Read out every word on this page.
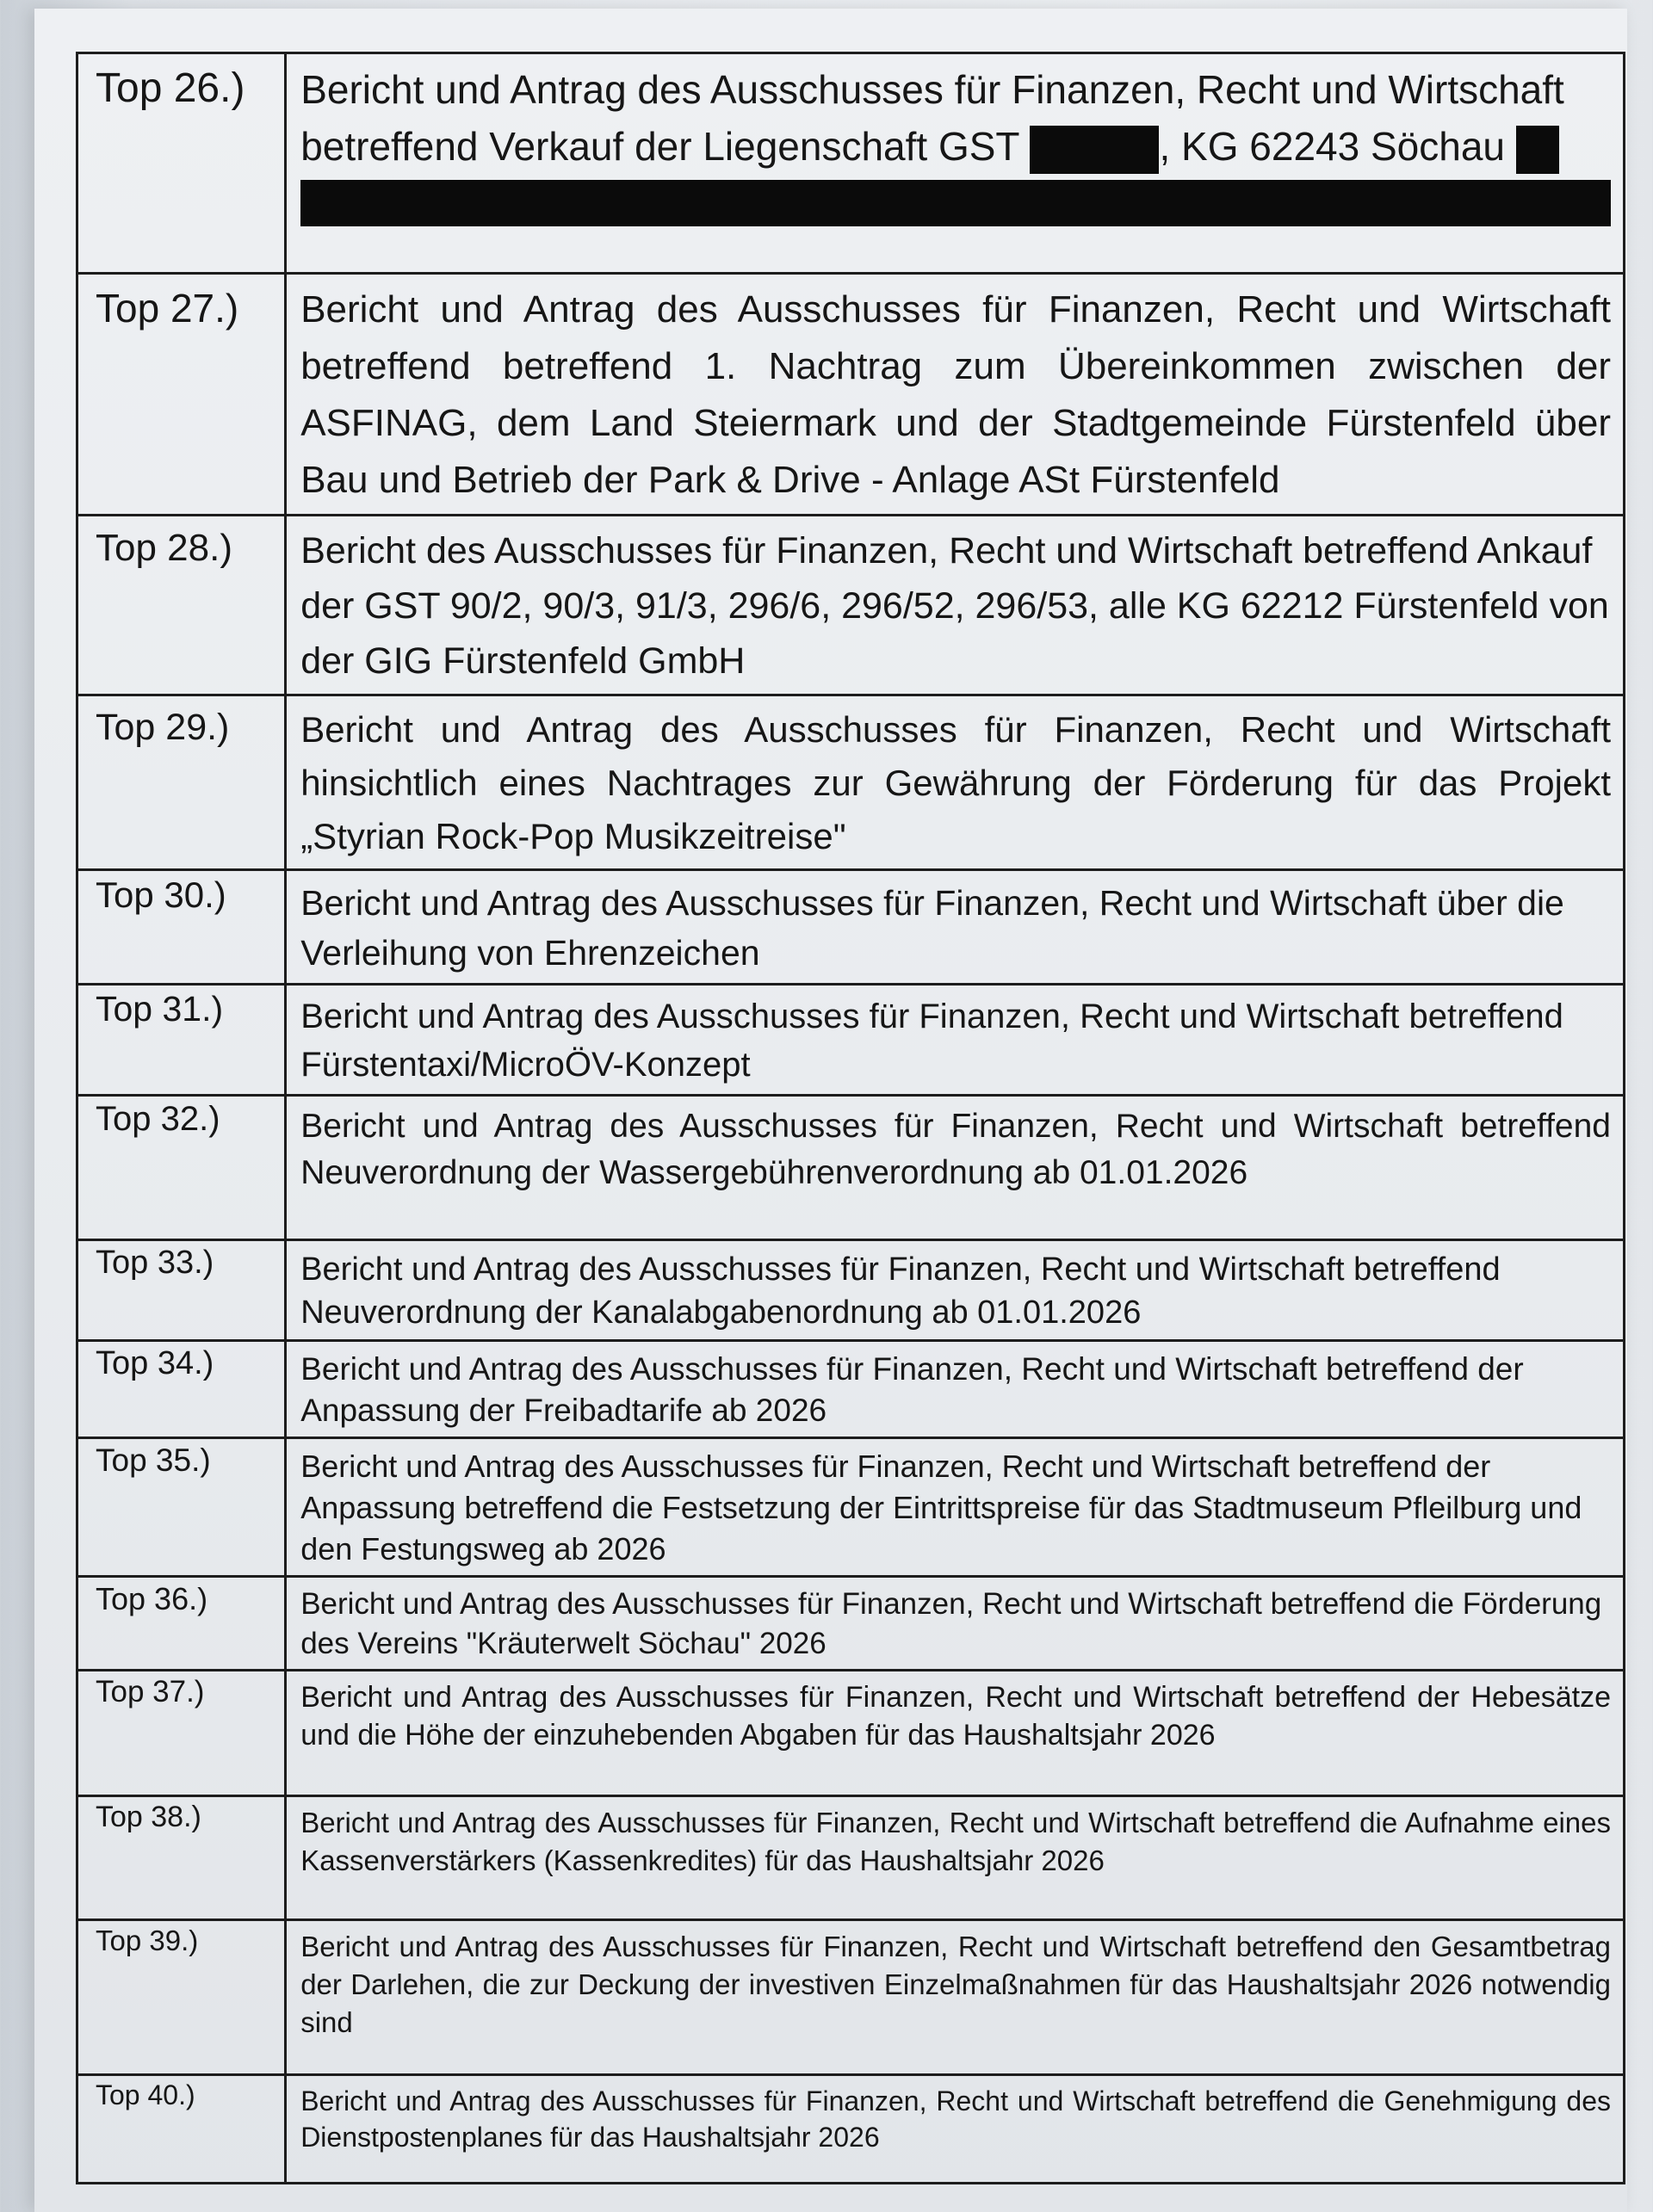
Top 26.)	Bericht und Antrag des Ausschusses für Finanzen, Recht und Wirtschaft
betreffend Verkauf der Liegenschaft GST , KG 62243 Söchau

Top 27.)	Bericht und Antrag des Ausschusses für Finanzen, Recht und Wirtschaft betreffend betreffend 1. Nachtrag zum Übereinkommen zwischen der ASFINAG, dem Land Steiermark und der Stadtgemeinde Fürstenfeld über Bau und Betrieb der Park & Drive - Anlage ASt Fürstenfeld
Top 28.)	Bericht des Ausschusses für Finanzen, Recht und Wirtschaft betreffend Ankauf der GST 90/2, 90/3, 91/3, 296/6, 296/52, 296/53, alle KG 62212 Fürstenfeld von der GIG Fürstenfeld GmbH
Top 29.)	Bericht und Antrag des Ausschusses für Finanzen, Recht und Wirtschaft hinsichtlich eines Nachtrages zur Gewährung der Förderung für das Projekt „Styrian Rock-Pop Musikzeitreise"
Top 30.)	Bericht und Antrag des Ausschusses für Finanzen, Recht und Wirtschaft über die Verleihung von Ehrenzeichen
Top 31.)	Bericht und Antrag des Ausschusses für Finanzen, Recht und Wirtschaft betreffend Fürstentaxi/MicroÖV-Konzept
Top 32.)	Bericht und Antrag des Ausschusses für Finanzen, Recht und Wirtschaft betreffend Neuverordnung der Wassergebührenverordnung ab 01.01.2026
Top 33.)	Bericht und Antrag des Ausschusses für Finanzen, Recht und Wirtschaft betreffend Neuverordnung der Kanalabgabenordnung ab 01.01.2026
Top 34.)	Bericht und Antrag des Ausschusses für Finanzen, Recht und Wirtschaft betreffend der Anpassung der Freibadtarife ab 2026
Top 35.)	Bericht und Antrag des Ausschusses für Finanzen, Recht und Wirtschaft betreffend der Anpassung betreffend die Festsetzung der Eintrittspreise für das Stadtmuseum Pfleilburg und den Festungsweg ab 2026
Top 36.)	Bericht und Antrag des Ausschusses für Finanzen, Recht und Wirtschaft betreffend die Förderung des Vereins "Kräuterwelt Söchau" 2026
Top 37.)	Bericht und Antrag des Ausschusses für Finanzen, Recht und Wirtschaft betreffend der Hebesätze und die Höhe der einzuhebenden Abgaben für das Haushaltsjahr 2026
Top 38.)	Bericht und Antrag des Ausschusses für Finanzen, Recht und Wirtschaft betreffend die Aufnahme eines Kassenverstärkers (Kassenkredites) für das Haushaltsjahr 2026
Top 39.)	Bericht und Antrag des Ausschusses für Finanzen, Recht und Wirtschaft betreffend den Gesamtbetrag der Darlehen, die zur Deckung der investiven Einzelmaßnahmen für das Haushaltsjahr 2026 notwendig sind
Top 40.)	Bericht und Antrag des Ausschusses für Finanzen, Recht und Wirtschaft betreffend die Genehmigung des Dienstpostenplanes für das Haushaltsjahr 2026
